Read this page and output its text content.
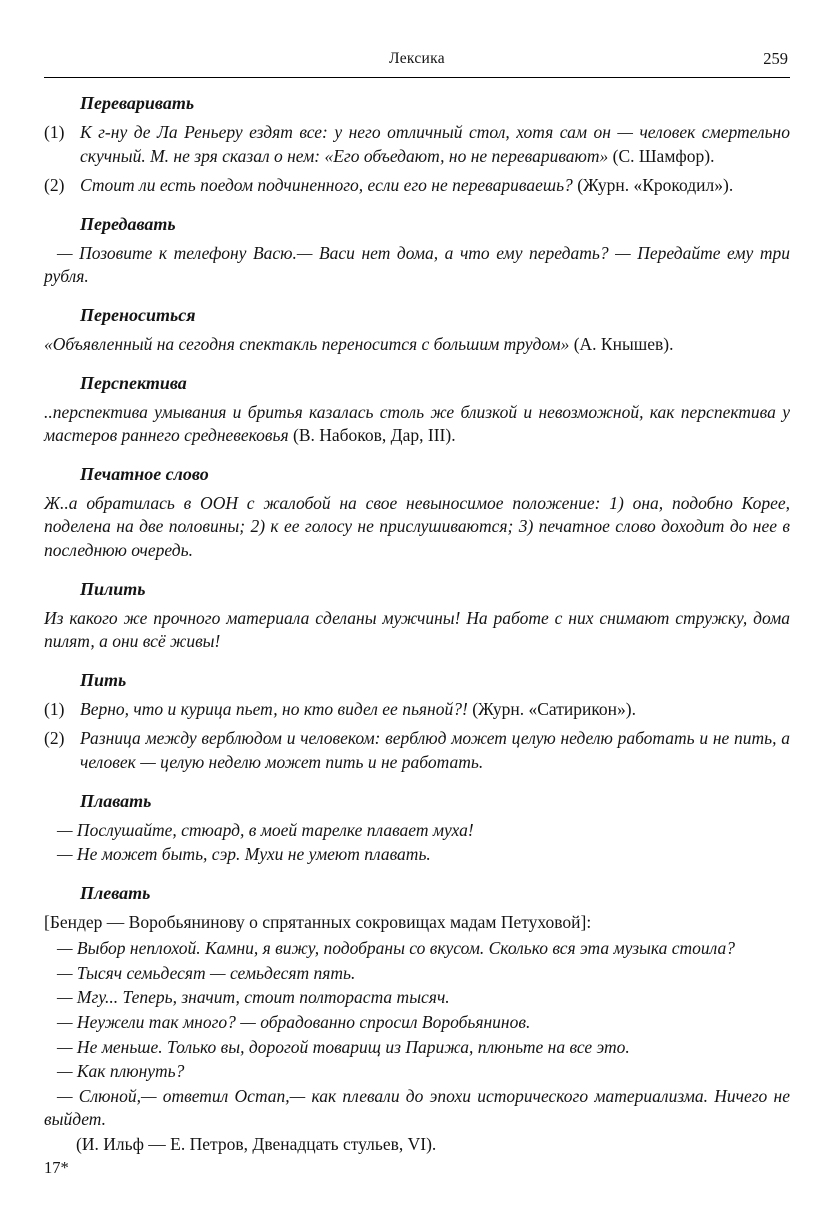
Лексика	259
Переваривать
(1) К г-ну де Ла Реньеру ездят все: у него отличный стол, хотя сам он — человек смертельно скучный. М. не зря сказал о нем: «Его объедают, но не переваривают» (С. Шамфор).
(2) Стоит ли есть поедом подчиненного, если его не перевариваешь? (Журн. «Крокодил»).
Передавать
— Позовите к телефону Васю.— Васи нет дома, а что ему передать? — Передайте ему три рубля.
Переноситься
«Объявленный на сегодня спектакль переносится с большим трудом» (А. Кнышев).
Перспектива
..перспектива умывания и бритья казалась столь же близкой и невозможной, как перспектива у мастеров раннего средневековья (В. Набоков, Дар, III).
Печатное слово
Ж..а обратилась в ООН с жалобой на свое невыносимое положение: 1) она, подобно Корее, поделена на две половины; 2) к ее голосу не прислушиваются; 3) печатное слово доходит до нее в последнюю очередь.
Пилить
Из какого же прочного материала сделаны мужчины! На работе с них снимают стружку, дома пилят, а они всё живы!
Пить
(1) Верно, что и курица пьет, но кто видел ее пьяной?! (Журн. «Сатирикон»).
(2) Разница между верблюдом и человеком: верблюд может целую неделю работать и не пить, а человек — целую неделю может пить и не работать.
Плавать
— Послушайте, стюард, в моей тарелке плавает муха!
— Не может быть, сэр. Мухи не умеют плавать.
Плевать
[Бендер — Воробьянинову о спрятанных сокровищах мадам Петуховой]:
— Выбор неплохой. Камни, я вижу, подобраны со вкусом. Сколько вся эта музыка стоила?
— Тысяч семьдесят — семьдесят пять.
— Мгу... Теперь, значит, стоит полтораста тысяч.
— Неужели так много? — обрадованно спросил Воробьянинов.
— Не меньше. Только вы, дорогой товарищ из Парижа, плюньте на все это.
— Как плюнуть?
— Слюной,— ответил Остап,— как плевали до эпохи исторического материализма. Ничего не выйдет.
(И. Ильф — Е. Петров, Двенадцать стульев, VI).
17*
